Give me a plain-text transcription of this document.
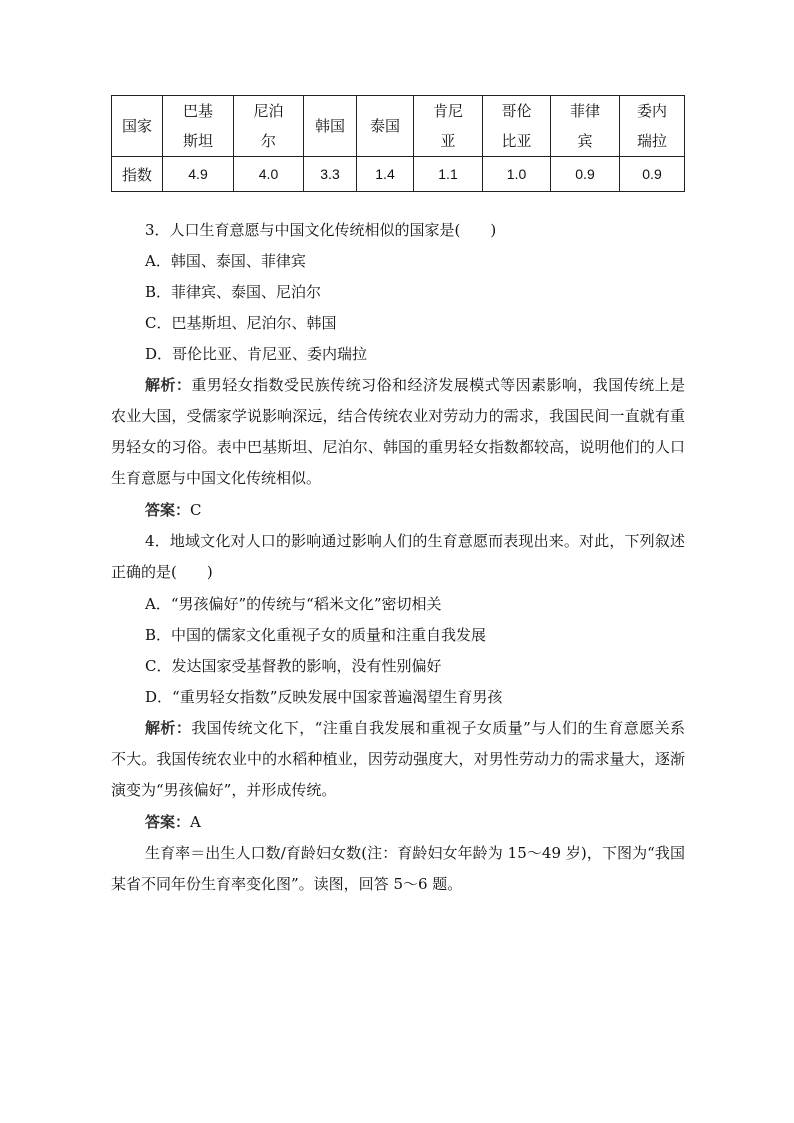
国家	巴基斯坦	尼泊尔	韩国	泰国	肯尼亚	哥伦比亚	菲律宾	委内瑞拉

指数	4.9	4.0	3.3	1.4	1.1	1.0	0.9	0.9
3．人口生育意愿与中国文化传统相似的国家是(　　)
A．韩国、泰国、菲律宾
B．菲律宾、泰国、尼泊尔
C．巴基斯坦、尼泊尔、韩国
D．哥伦比亚、肯尼亚、委内瑞拉
解析：重男轻女指数受民族传统习俗和经济发展模式等因素影响，我国传统上是农业大国，受儒家学说影响深远，结合传统农业对劳动力的需求，我国民间一直就有重男轻女的习俗。表中巴基斯坦、尼泊尔、韩国的重男轻女指数都较高，说明他们的人口生育意愿与中国文化传统相似。
答案：C
4．地域文化对人口的影响通过影响人们的生育意愿而表现出来。对此，下列叙述正确的是(　　)
A．“男孩偏好”的传统与“稻米文化”密切相关
B．中国的儒家文化重视子女的质量和注重自我发展
C．发达国家受基督教的影响，没有性别偏好
D．“重男轻女指数”反映发展中国家普遍渴望生育男孩
解析：我国传统文化下，“注重自我发展和重视子女质量”与人们的生育意愿关系不大。我国传统农业中的水稻种植业，因劳动强度大，对男性劳动力的需求量大，逐渐演变为“男孩偏好”，并形成传统。
答案：A
生育率＝出生人口数/育龄妇女数(注：育龄妇女年龄为 15～49 岁)，下图为“我国某省不同年份生育率变化图”。读图，回答 5～6 题。
